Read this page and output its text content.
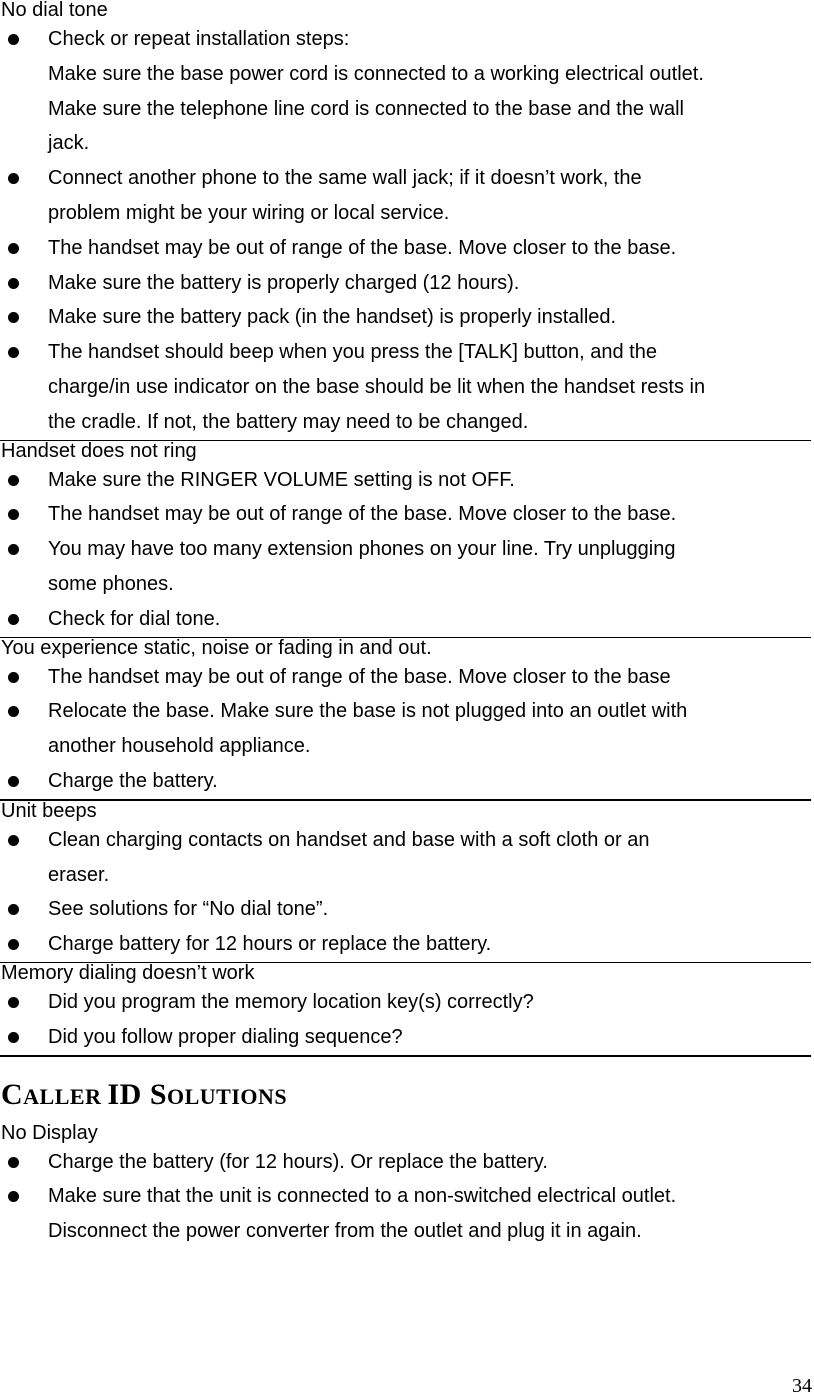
No dial tone
Check or repeat installation steps:
Make sure the base power cord is connected to a working electrical outlet.
Make sure the telephone line cord is connected to the base and the wall
jack.
Connect another phone to the same wall jack; if it doesn’t work, the
problem might be your wiring or local service.
The handset may be out of range of the base. Move closer to the base.
Make sure the battery is properly charged (12 hours).
Make sure the battery pack (in the handset) is properly installed.
The handset should beep when you press the [TALK] button, and the
charge/in use indicator on the base should be lit when the handset rests in
the cradle. If not, the battery may need to be changed.
Handset does not ring
Make sure the RINGER VOLUME setting is not OFF.
The handset may be out of range of the base. Move closer to the base.
You may have too many extension phones on your line. Try unplugging
some phones.
Check for dial tone.
You experience static, noise or fading in and out.
The handset may be out of range of the base. Move closer to the base
Relocate the base. Make sure the base is not plugged into an outlet with
another household appliance.
Charge the battery.
Unit beeps
Clean charging contacts on handset and base with a soft cloth or an
eraser.
See solutions for “No dial tone”.
Charge battery for 12 hours or replace the battery.
Memory dialing doesn’t work
Did you program the memory location key(s) correctly?
Did you follow proper dialing sequence?
CALLER ID SOLUTIONS
No Display
Charge the battery (for 12 hours). Or replace the battery.
Make sure that the unit is connected to a non-switched electrical outlet.
Disconnect the power converter from the outlet and plug it in again.
34
